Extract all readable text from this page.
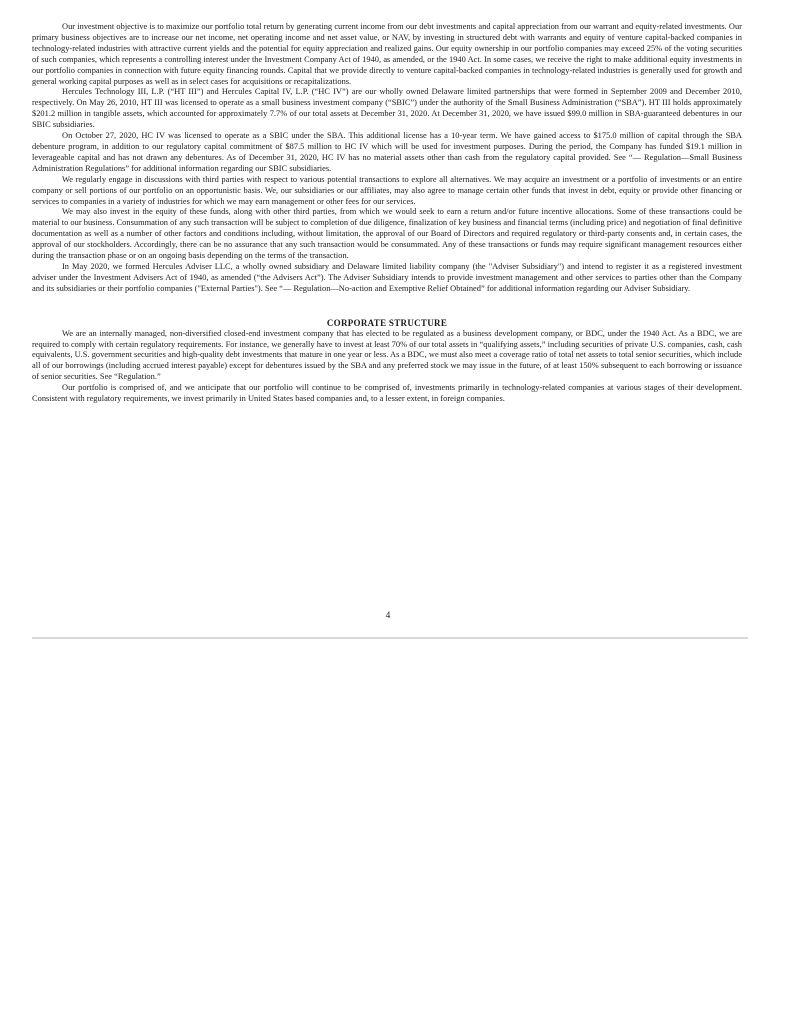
Our investment objective is to maximize our portfolio total return by generating current income from our debt investments and capital appreciation from our warrant and equity-related investments. Our primary business objectives are to increase our net income, net operating income and net asset value, or NAV, by investing in structured debt with warrants and equity of venture capital-backed companies in technology-related industries with attractive current yields and the potential for equity appreciation and realized gains. Our equity ownership in our portfolio companies may exceed 25% of the voting securities of such companies, which represents a controlling interest under the Investment Company Act of 1940, as amended, or the 1940 Act. In some cases, we receive the right to make additional equity investments in our portfolio companies in connection with future equity financing rounds. Capital that we provide directly to venture capital-backed companies in technology-related industries is generally used for growth and general working capital purposes as well as in select cases for acquisitions or recapitalizations.

Hercules Technology III, L.P. (“HT III”) and Hercules Capital IV, L.P. (“HC IV”) are our wholly owned Delaware limited partnerships that were formed in September 2009 and December 2010, respectively. On May 26, 2010, HT III was licensed to operate as a small business investment company (“SBIC”) under the authority of the Small Business Administration (“SBA”). HT III holds approximately $201.2 million in tangible assets, which accounted for approximately 7.7% of our total assets at December 31, 2020. At December 31, 2020, we have issued $99.0 million in SBA-guaranteed debentures in our SBIC subsidiaries.

On October 27, 2020, HC IV was licensed to operate as a SBIC under the SBA. This additional license has a 10-year term. We have gained access to $175.0 million of capital through the SBA debenture program, in addition to our regulatory capital commitment of $87.5 million to HC IV which will be used for investment purposes. During the period, the Company has funded $19.1 million in leverageable capital and has not drawn any debentures. As of December 31, 2020, HC IV has no material assets other than cash from the regulatory capital provided. See “— Regulation—Small Business Administration Regulations” for additional information regarding our SBIC subsidiaries.

We regularly engage in discussions with third parties with respect to various potential transactions to explore all alternatives. We may acquire an investment or a portfolio of investments or an entire company or sell portions of our portfolio on an opportunistic basis. We, our subsidiaries or our affiliates, may also agree to manage certain other funds that invest in debt, equity or provide other financing or services to companies in a variety of industries for which we may earn management or other fees for our services.

We may also invest in the equity of these funds, along with other third parties, from which we would seek to earn a return and/or future incentive allocations. Some of these transactions could be material to our business. Consummation of any such transaction will be subject to completion of due diligence, finalization of key business and financial terms (including price) and negotiation of final definitive documentation as well as a number of other factors and conditions including, without limitation, the approval of our Board of Directors and required regulatory or third-party consents and, in certain cases, the approval of our stockholders. Accordingly, there can be no assurance that any such transaction would be consummated. Any of these transactions or funds may require significant management resources either during the transaction phase or on an ongoing basis depending on the terms of the transaction.

In May 2020, we formed Hercules Adviser LLC, a wholly owned subsidiary and Delaware limited liability company (the "Adviser Subsidiary") and intend to register it as a registered investment adviser under the Investment Advisers Act of 1940, as amended (“the Advisers Act”). The Adviser Subsidiary intends to provide investment management and other services to parties other than the Company and its subsidiaries or their portfolio companies ("External Parties"). See “— Regulation—No-action and Exemptive Relief Obtained” for additional information regarding our Adviser Subsidiary.

CORPORATE STRUCTURE

We are an internally managed, non-diversified closed-end investment company that has elected to be regulated as a business development company, or BDC, under the 1940 Act. As a BDC, we are required to comply with certain regulatory requirements. For instance, we generally have to invest at least 70% of our total assets in “qualifying assets,” including securities of private U.S. companies, cash, cash equivalents, U.S. government securities and high-quality debt investments that mature in one year or less. As a BDC, we must also meet a coverage ratio of total net assets to total senior securities, which include all of our borrowings (including accrued interest payable) except for debentures issued by the SBA and any preferred stock we may issue in the future, of at least 150% subsequent to each borrowing or issuance of senior securities. See “Regulation.”

Our portfolio is comprised of, and we anticipate that our portfolio will continue to be comprised of, investments primarily in technology-related companies at various stages of their development. Consistent with regulatory requirements, we invest primarily in United States based companies and, to a lesser extent, in foreign companies.

4
